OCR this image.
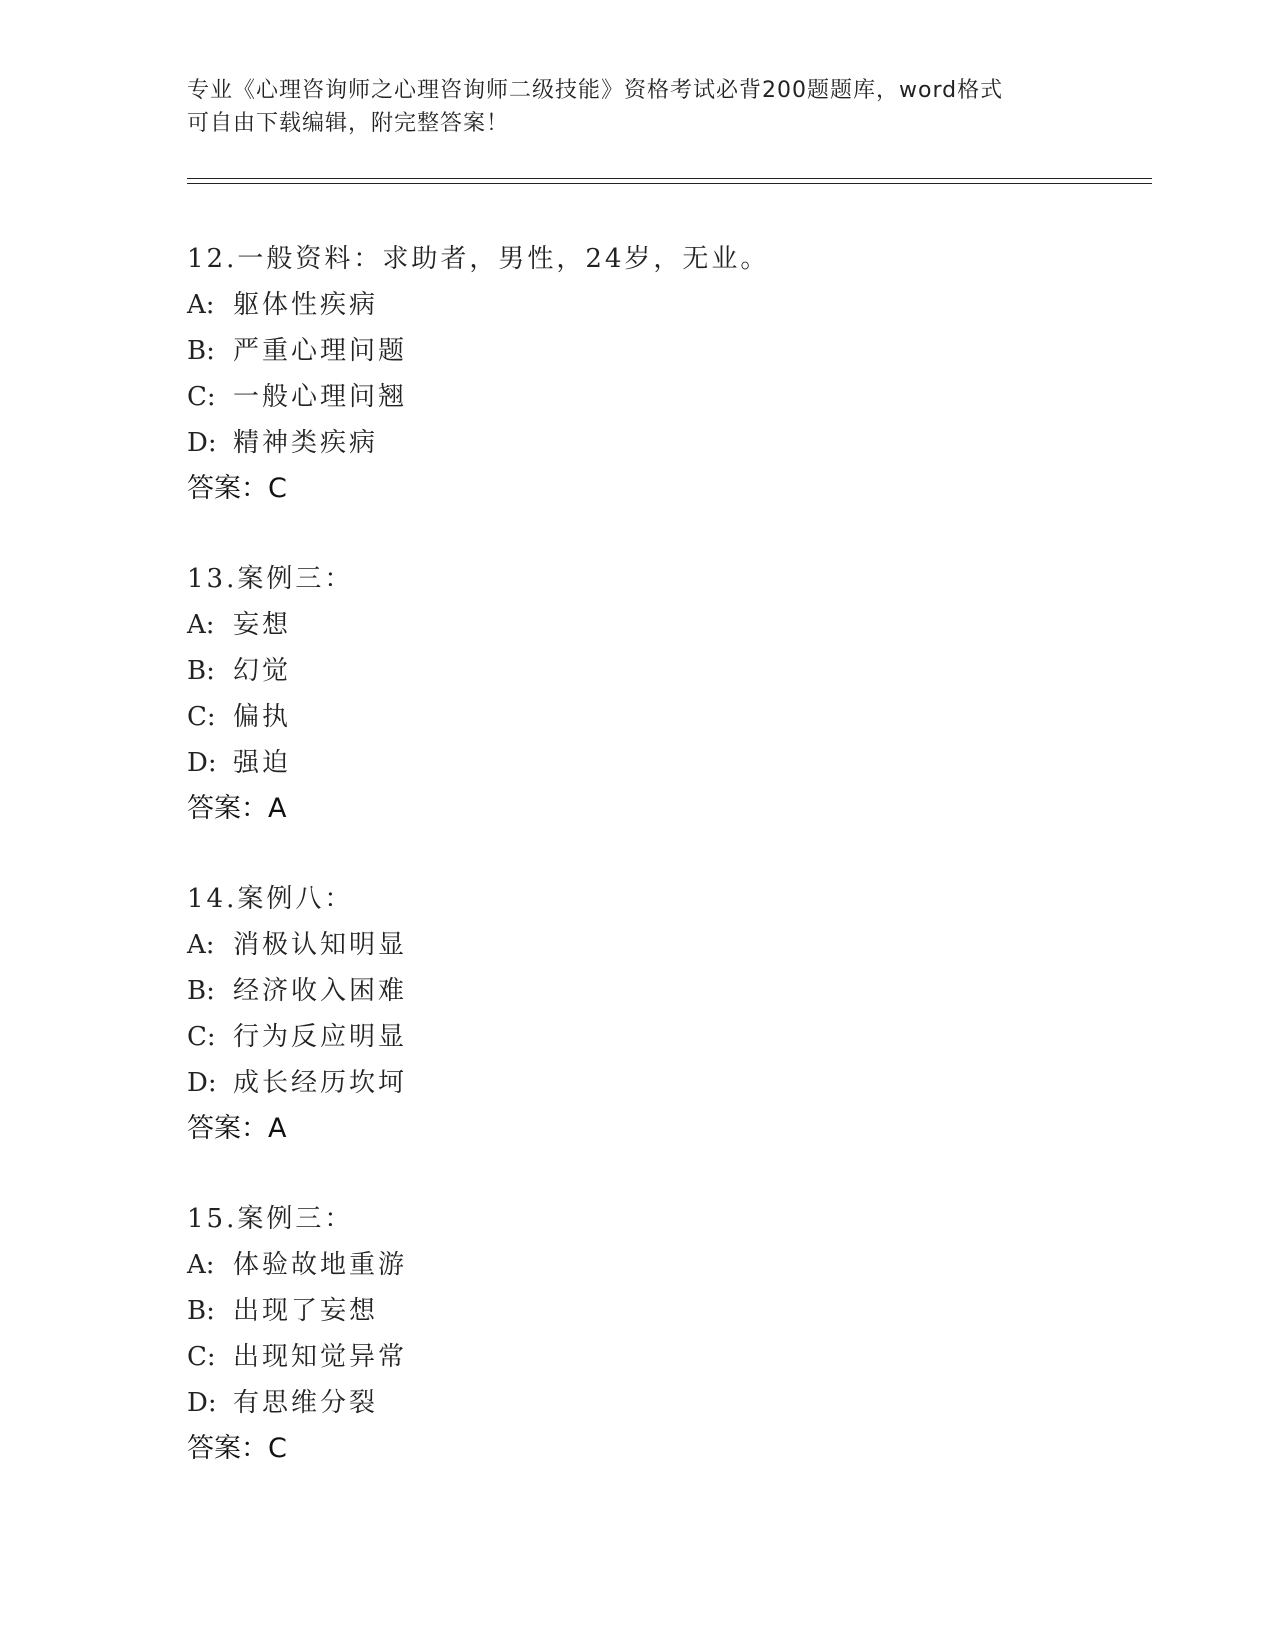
专业《心理咨询师之心理咨询师二级技能》资格考试必背200题题库，word格式
可自由下载编辑，附完整答案！
12.一般资料：求助者，男性，24岁，无业。
A: 躯体性疾病
B: 严重心理问题
C: 一般心理问翘
D: 精神类疾病
答案：C
13.案例三：
A: 妄想
B: 幻觉
C: 偏执
D: 强迫
答案：A
14.案例八：
A: 消极认知明显
B: 经济收入困难
C: 行为反应明显
D: 成长经历坎坷
答案：A
15.案例三：
A: 体验故地重游
B: 出现了妄想
C: 出现知觉异常
D: 有思维分裂
答案：C
